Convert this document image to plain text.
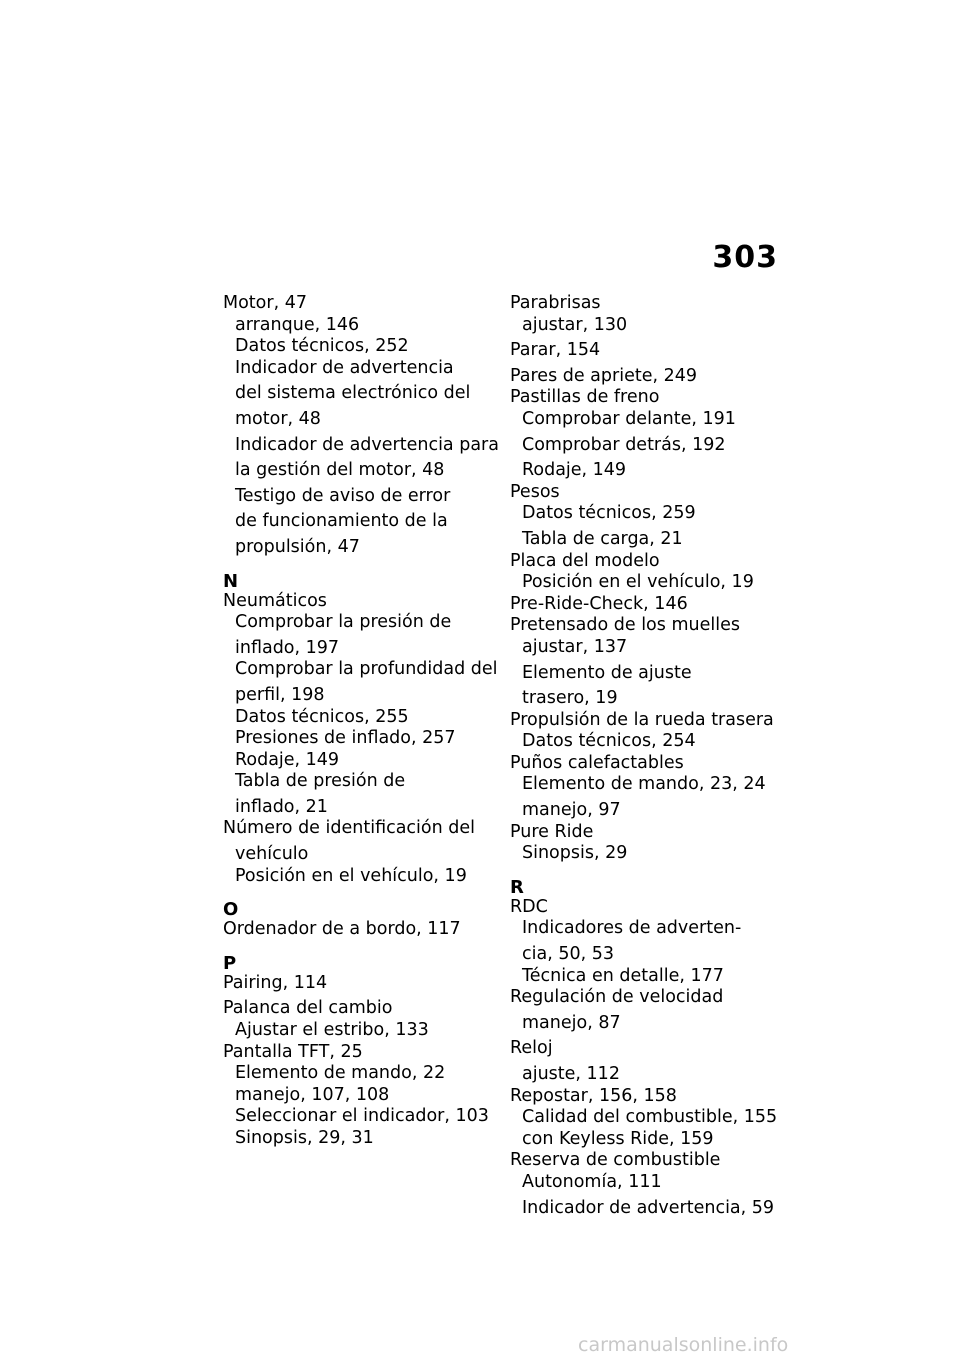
303
Motor, 47
arranque, 146
Datos técnicos, 252
Indicador de advertencia
del sistema electrónico del
motor, 48
Indicador de advertencia para
la gestión del motor, 48
Testigo de aviso de error
de funcionamiento de la
propulsión, 47
N
Neumáticos
Comprobar la presión de
inflado, 197
Comprobar la profundidad del
perfil, 198
Datos técnicos, 255
Presiones de inflado, 257
Rodaje, 149
Tabla de presión de
inflado, 21
Número de identificación del
vehículo
Posición en el vehículo, 19
O
Ordenador de a bordo, 117
P
Pairing, 114
Palanca del cambio
Ajustar el estribo, 133
Pantalla TFT, 25
Elemento de mando, 22
manejo, 107, 108
Seleccionar el indicador, 103
Sinopsis, 29, 31
Parabrisas
ajustar, 130
Parar, 154
Pares de apriete, 249
Pastillas de freno
Comprobar delante, 191
Comprobar detrás, 192
Rodaje, 149
Pesos
Datos técnicos, 259
Tabla de carga, 21
Placa del modelo
Posición en el vehículo, 19
Pre-Ride-Check, 146
Pretensado de los muelles
ajustar, 137
Elemento de ajuste
trasero, 19
Propulsión de la rueda trasera
Datos técnicos, 254
Puños calefactables
Elemento de mando, 23, 24
manejo, 97
Pure Ride
Sinopsis, 29
R
RDC
Indicadores de adverten-
cia, 50, 53
Técnica en detalle, 177
Regulación de velocidad
manejo, 87
Reloj
ajuste, 112
Repostar, 156, 158
Calidad del combustible, 155
con Keyless Ride, 159
Reserva de combustible
Autonomía, 111
Indicador de advertencia, 59
carmanualsonline.info
